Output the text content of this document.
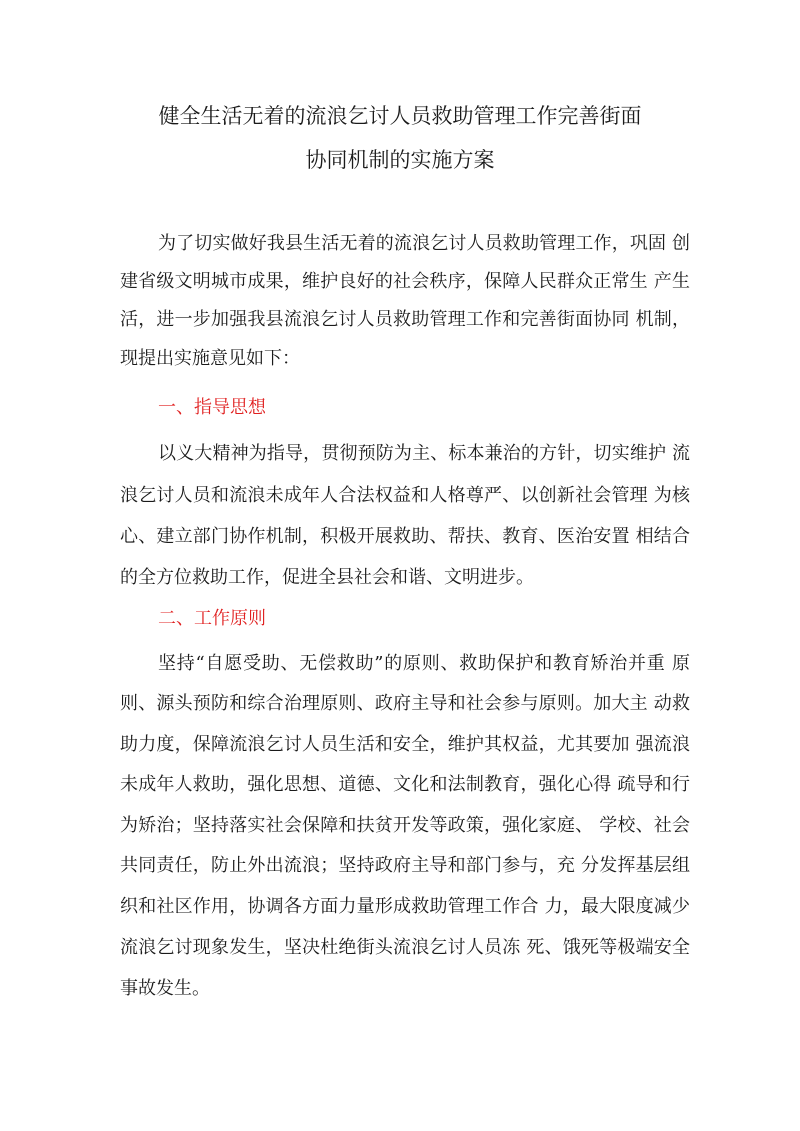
健全生活无着的流浪乞讨人员救助管理工作完善街面
协同机制的实施方案
为了切实做好我县生活无着的流浪乞讨人员救助管理工作，巩固 创
建省级文明城市成果，维护良好的社会秩序，保障人民群众正常生 产生
活，进一步加强我县流浪乞讨人员救助管理工作和完善街面协同 机制，
现提出实施意见如下：
一、指导思想
以义大精神为指导，贯彻预防为主、标本兼治的方针，切实维护 流
浪乞讨人员和流浪未成年人合法权益和人格尊严、以创新社会管理 为核
心、建立部门协作机制，积极开展救助、帮扶、教育、医治安置 相结合
的全方位救助工作，促进全县社会和谐、文明进步。
二、工作原则
坚持“自愿受助、无偿救助”的原则、救助保护和教育矫治并重 原
则、源头预防和综合治理原则、政府主导和社会参与原则。加大主 动救
助力度，保障流浪乞讨人员生活和安全，维护其权益，尤其要加 强流浪
未成年人救助，强化思想、道德、文化和法制教育，强化心得 疏导和行
为矫治；坚持落实社会保障和扶贫开发等政策，强化家庭、 学校、社会
共同责任，防止外出流浪；坚持政府主导和部门参与，充 分发挥基层组
织和社区作用，协调各方面力量形成救助管理工作合 力，最大限度减少
流浪乞讨现象发生，坚决杜绝街头流浪乞讨人员冻 死、饿死等极端安全
事故发生。
